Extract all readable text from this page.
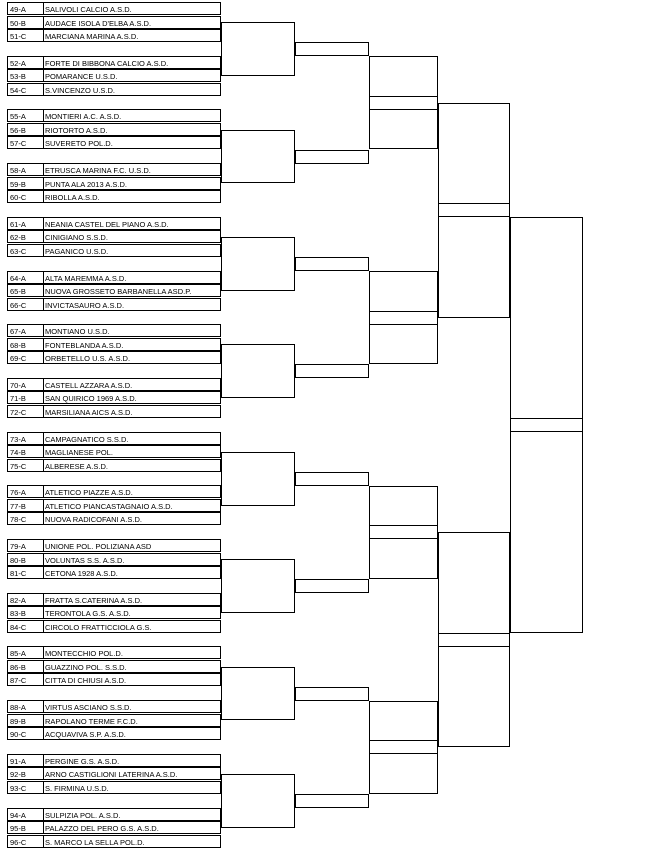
49-A	SALIVOLI CALCIO A.S.D.
50-B	AUDACE ISOLA D'ELBA A.S.D.
51-C MARCIANA MARINA A.S.D.
52-A	FORTE DI BIBBONA CALCIO A.S.D.
53-B	POMARANCE U.S.D.
54-C S.VINCENZO U.S.D.
55-A	MONTIERI A.C. A.S.D.
56-B	RIOTORTO A.S.D.
57-C SUVERETO POL.D.
58-A	ETRUSCA MARINA F.C. U.S.D.
59-B	PUNTA ALA 2013 A.S.D.
60-C RIBOLLA A.S.D.
61-A	NEANIA CASTEL DEL PIANO A.S.D.
62-B	CINIGIANO S.S.D.
63-C PAGANICO U.S.D.
64-A	ALTA MAREMMA A.S.D.
65-B	NUOVA GROSSETO BARBANELLA ASD.P.
66-C INVICTASAURO A.S.D.
67-A	MONTIANO U.S.D.
68-B	FONTEBLANDA A.S.D.
69-C ORBETELLO U.S. A.S.D.
70-A	CASTELL AZZARA A.S.D.
71-B	SAN QUIRICO 1969 A.S.D.
72-C MARSILIANA AICS A.S.D.
73-A	CAMPAGNATICO S.S.D.
74-B	MAGLIANESE POL.
75-C ALBERESE A.S.D.
76-A	ATLETICO PIAZZE A.S.D.
77-B	ATLETICO PIANCASTAGNAIO A.S.D.
78-C NUOVA RADICOFANI A.S.D.
79-A	UNIONE POL. POLIZIANA ASD
80-B	VOLUNTAS S.S. A.S.D.
81-C CETONA 1928 A.S.D.
82-A	FRATTA S.CATERINA A.S.D.
83-B	TERONTOLA G.S. A.S.D.
84-C CIRCOLO FRATTICCIOLA G.S.
85-A	MONTECCHIO POL.D.
86-B	GUAZZINO POL. S.S.D.
87-C CITTA DI CHIUSI A.S.D.
88-A	VIRTUS ASCIANO S.S.D.
89-B	RAPOLANO TERME F.C.D.
90-C ACQUAVIVA S.P. A.S.D.
91-A	PERGINE G.S. A.S.D.
92-B	ARNO CASTIGLIONI LATERINA A.S.D.
93-C S. FIRMINA U.S.D.
94-A	SULPIZIA POL. A.S.D.
95-B	PALAZZO DEL PERO G.S. A.S.D.
96-C S. MARCO LA SELLA POL.D.
